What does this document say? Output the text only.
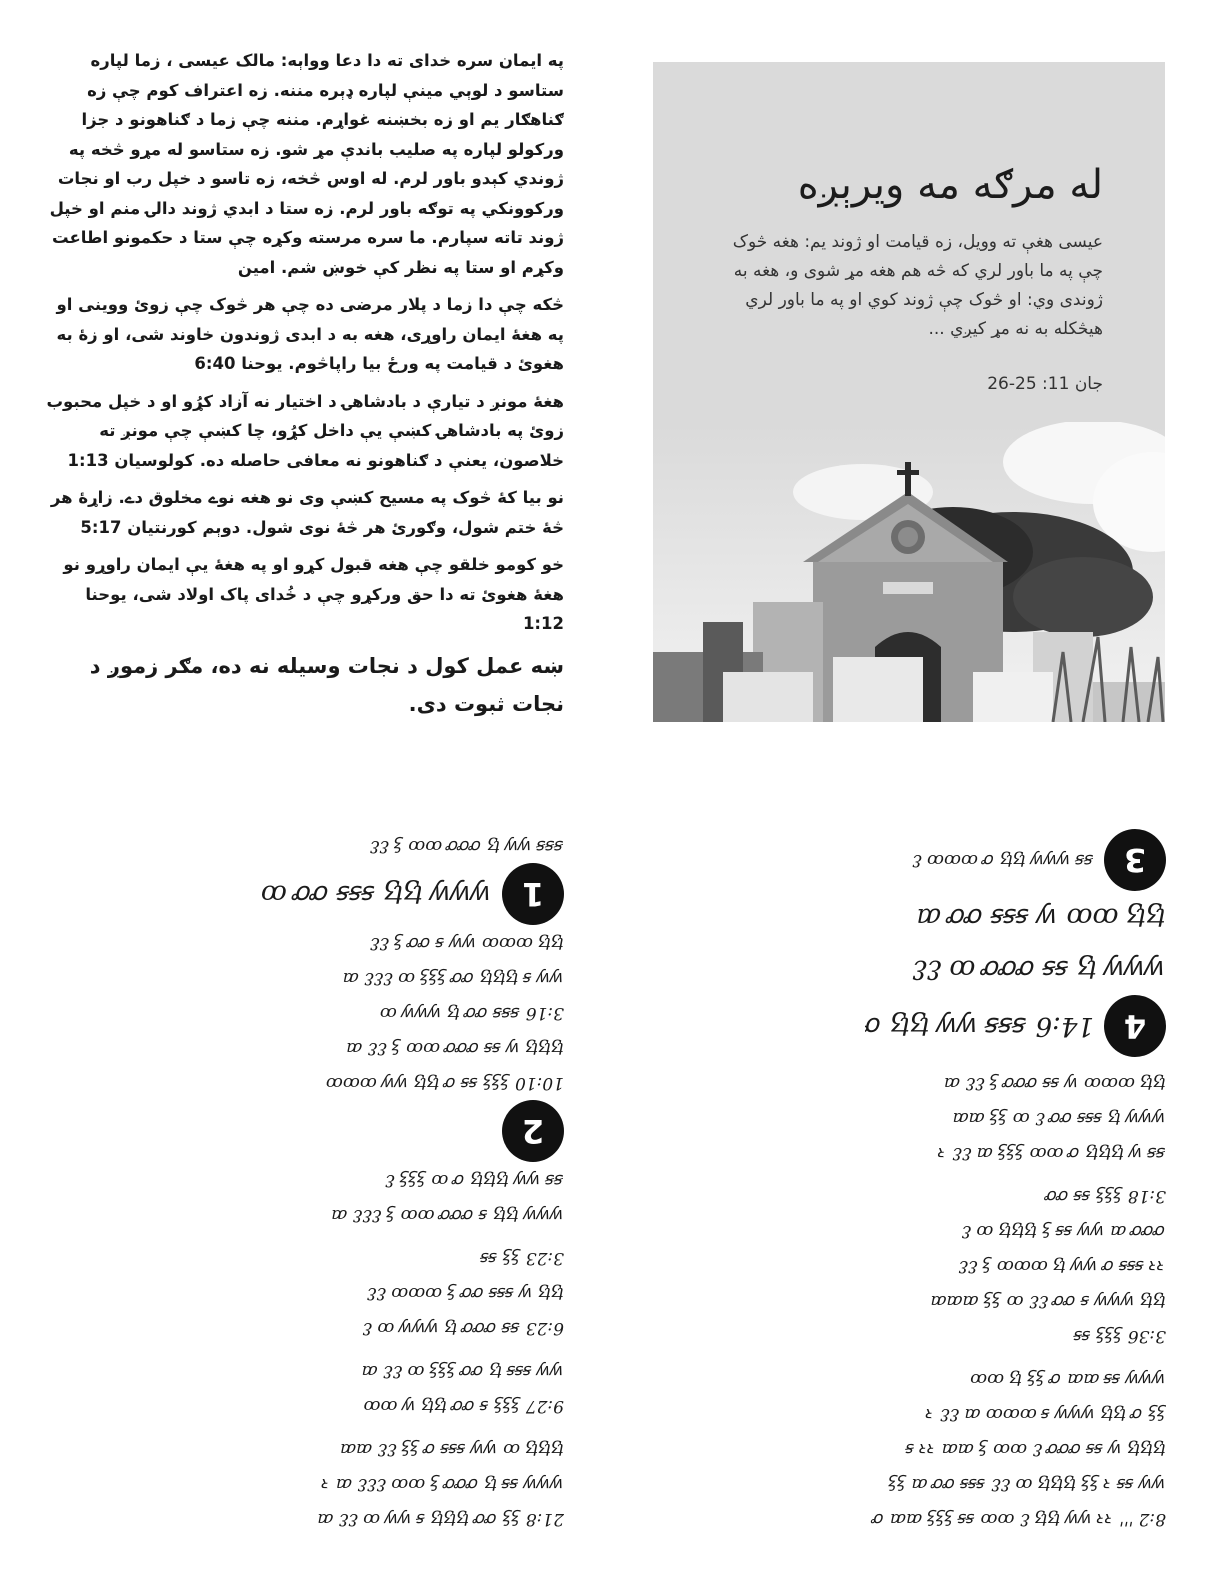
په ایمان سره خدای ته دا دعا وواېه: مالک عیسی ، زما لپاره ستاسو د لوېي مینې لپاره ډېره مننه. زه اعتراف کوم چې زه ګناهګار یم او زه بخښنه غواړم. مننه چې زما د ګناهونو د جزا ورکولو لپاره په صلیب باندې مړ شو. زه ستاسو له مړو څخه په ژوندي کېدو باور لرم. له اوس څخه، زه تاسو د خپل رب او نجات ورکوونکي په توګه باور لرم. زه ستا د ابدي ژوند دالۍ منم او خپل ژوند تاته سپارم. ما سره مرسته وکړه چې ستا د حکمونو اطاعت وکړم او ستا په نظر کې خوښ شم. امین

څکه چې دا زما د پلار مرضی ده چې هر څوک چې زوئ ووینی او په هغهٔ ایمان راوړی، هغه به د ابدی ژوندون خاوند شی، او زهٔ به هغوئ د قیامت په ورځ بیا راپاڅوم. یوحنا 6:40

هغهٔ مونږ د تیارې د بادشاهۍ د اختیار نه آزاد کړُو او د خپل محبوب زوئ په بادشاهۍ کښې یې داخل کړُو، چا کښې چې مونږ ته خلاصون، یعنې د ګناهونو نه معافی حاصله ده. کولوسیان 1:13

نو بیا کهٔ څوک په مسیح کښې وی نو هغه نوے مخلوق دے. زاړهٔ هر څهٔ ختم شول، وګورئ هر څهٔ نوی شول. دوېم کورنتیان 5:17

خو کومو خلقو چې هغه قبول کړو او په هغهٔ یې ایمان راوړو نو هغهٔ هغوئ ته دا حق ورکړو چې د خُدای پاک اولاد شی، یوحنا 1:12

ښه عمل کول د نجات وسیله نه ده، مګر زموږ د نجات ثبوت دی.

له مرګه مه ویرېږه

عیسی هغې ته وویل، زه قیامت او ژوند یم: هغه څوک چې په ما باور لري که څه هم هغه مړ شوی و، هغه به ژوندی وي: او څوک چې ژوند کوي او په ما باور لري هیڅکله به نه مړ کیږي ...

جان 11: 25-26
8:2 ꞌꞌꞌ ꝛꝛ ꝡꝡ ꜩꜩ ꜫ ꝏꝏ ꞩꞩ ꝣꝣꝣ ꜳꜳ ꝍ
ꝡꝡ ꞩꞩ ꝛ ꝣꝣ ꜩꜩꜩ ꝏ ꜫꜫ ꞩꞩꞩ ꝍꝍ ꜳ ꝣꝣ
ꜩꜩꜩ ꝡ ꞩꞩ ꝍꝍꝍ ꜫ ꝏꝏ ꝣ ꜳꜳ ꝛꝛ ꞩ
ꝣꝣ ꝍ ꜩꜩ ꝡꝡꝡ ꞩ ꝏꝏꝏ ꜳ ꜫꜫ ꝛ
ꝡꝡꝡ ꞩꞩ ꜳꜳ ꝍ ꝣꝣ ꜩ ꝏꝏ
3:36 ꝣꝣꝣ ꞩꞩ
ꜩꜩ ꝡꝡꝡ ꞩ ꝍꝍ ꜫꜫ ꝏ ꝣꝣ ꜳꜳꜳ
ꝛꝛ ꞩꞩꞩ ꝍ ꝡꝡ ꜩ ꝏꝏꝏ ꝣ ꜫꜫ
ꝍꝍꝍ ꜳ ꝡꝡ ꞩꞩ ꝣ ꜩꜩꜩ ꝏ ꜫ
3:18 ꝣꝣꝣ ꞩꞩ ꝍꝍ
ꞩꞩ ꝡ ꜩꜩꜩ ꝍ ꝏꝏ ꝣꝣꝣ ꜳ ꜫꜫ ꝛ
ꝡꝡꝡ ꜩ ꞩꞩꞩ ꝍꝍ ꜫ ꝏ ꝣꝣ ꜳꜳ
ꜩꜩ ꝏꝏꝏ ꝡ ꞩꞩ ꝍꝍꝍ ꝣ ꜫꜫ ꜳ
4
14:6 ꞩꞩꞩ ꝡꝡ ꜩꜩ ꝍ
ꝡꝡꝡ ꜩ ꞩꞩ ꝍꝍꝍ ꝏ ꜫꜫ
ꜩꜩ ꝏꝏ ꝡ ꞩꞩꞩ ꝍꝍ ꜳ
3
ꞩꞩ ꝡꝡꝡ ꜩꜩ ꝍ ꝏꝏꝏ ꜫ
21:8 ꝣꝣ ꝍꝍ ꜩꜩꜩ ꞩ ꝡꝡ ꝏ ꜫꜫ ꜳ
ꝡꝡꝡ ꞩꞩ ꜩ ꝍꝍꝍ ꝣ ꝏꝏ ꜫꜫꜫ ꜳ ꝛ
ꜩꜩꜩ ꝏ ꝡꝡ ꞩꞩꞩ ꝍ ꝣꝣ ꜫꜫ ꜳꜳ
9:27 ꝣꝣꝣ ꞩ ꝍꝍ ꜩꜩ ꝡ ꝏꝏ
ꝡꝡ ꞩꞩꞩ ꜩ ꝍꝍ ꝣꝣꝣ ꝏ ꜫꜫ ꜳ
6:23 ꞩꞩ ꝍꝍꝍ ꜩ ꝡꝡꝡ ꝏ ꜫ
ꜩꜩ ꝡ ꞩꞩꞩ ꝍꝍ ꝣ ꝏꝏꝏ ꜫꜫ
3:23 ꝣꝣ ꞩꞩ
ꝡꝡꝡ ꜩꜩ ꞩ ꝍꝍꝍ ꝏꝏ ꝣ ꜫꜫꜫ ꜳ
ꞩꞩ ꝡꝡ ꜩꜩꜩ ꝍ ꝏ ꝣꝣꝣ ꜫ
2
10:10 ꝣꝣꝣ ꞩꞩ ꝍ ꜩꜩ ꝡꝡ ꝏꝏꝏ
ꜩꜩꜩ ꝡ ꞩꞩ ꝍꝍꝍ ꝏꝏ ꝣ ꜫꜫ ꜳ
3:16 ꞩꞩꞩ ꝍꝍ ꜩ ꝡꝡꝡ ꝏ
ꝡꝡ ꞩ ꜩꜩꜩ ꝍꝍ ꝣꝣꝣ ꝏ ꜫꜫꜫ ꜳ
ꜩꜩ ꝏꝏꝏ ꝡꝡ ꞩ ꝍꝍ ꝣ ꜫꜫ
1
ꝡꝡꝡ ꜩꜩ ꞩꞩꞩ ꝍꝍ ꝏ
ꞩꞩꞩ ꝡꝡ ꜩ ꝍꝍꝍ ꝏꝏ ꝣ ꜫꜫ
